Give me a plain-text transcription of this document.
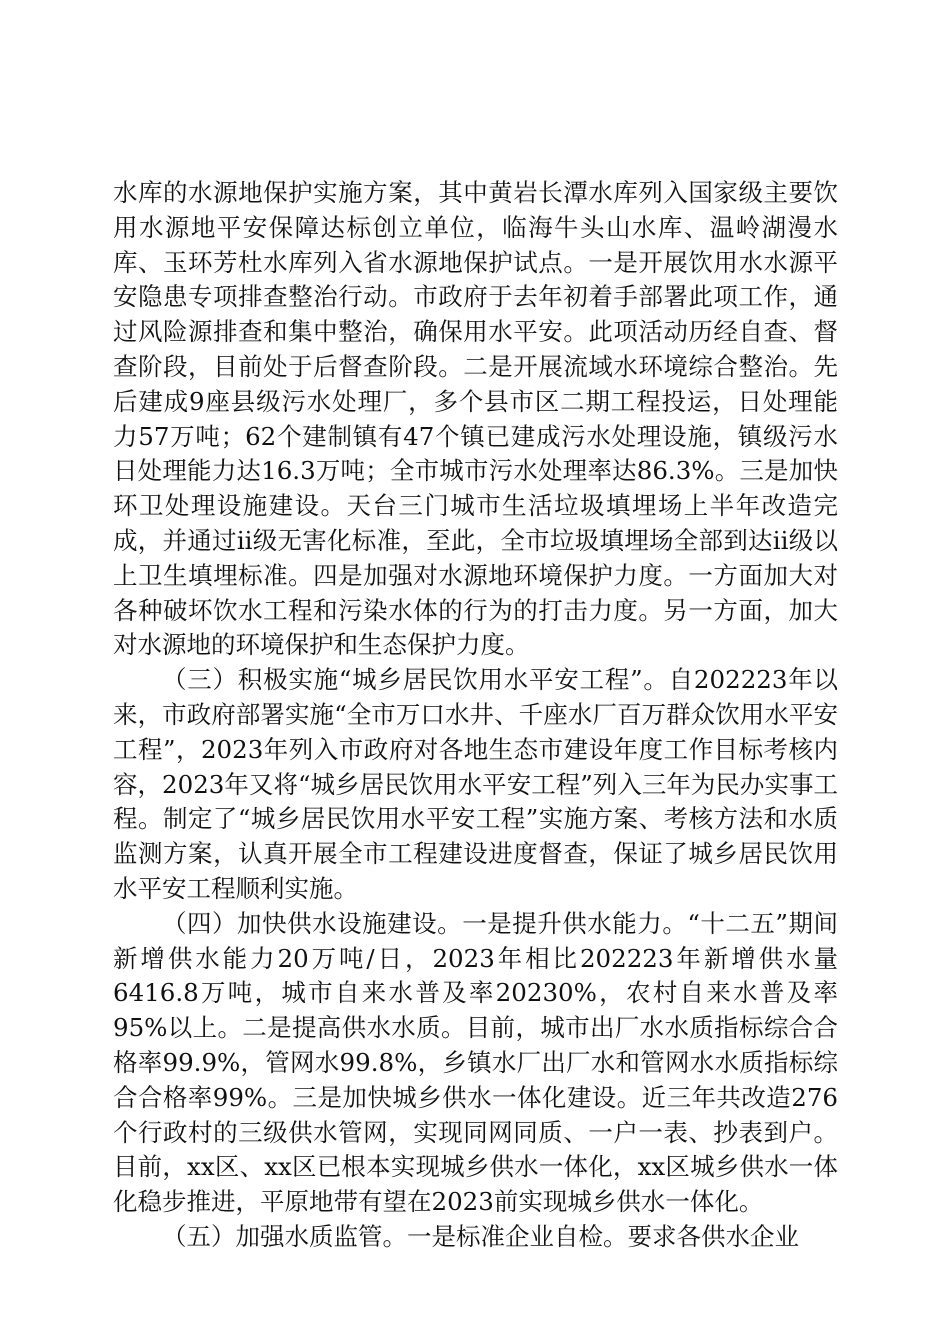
水库的水源地保护实施方案，其中黄岩长潭水库列入国家级主要饮用水源地平安保障达标创立单位，临海牛头山水库、温岭湖漫水库、玉环芳杜水库列入省水源地保护试点。一是开展饮用水水源平安隐患专项排查整治行动。市政府于去年初着手部署此项工作，通过风险源排查和集中整治，确保用水平安。此项活动历经自查、督查阶段，目前处于后督查阶段。二是开展流域水环境综合整治。先后建成9座县级污水处理厂，多个县市区二期工程投运，日处理能力57万吨；62个建制镇有47个镇已建成污水处理设施，镇级污水日处理能力达16.3万吨；全市城市污水处理率达86.3%。三是加快环卫处理设施建设。天台三门城市生活垃圾填埋场上半年改造完成，并通过ii级无害化标准，至此，全市垃圾填埋场全部到达ii级以上卫生填埋标准。四是加强对水源地环境保护力度。一方面加大对各种破坏饮水工程和污染水体的行为的打击力度。另一方面，加大对水源地的环境保护和生态保护力度。

（三）积极实施“城乡居民饮用水平安工程”。自202223年以来，市政府部署实施“全市万口水井、千座水厂百万群众饮用水平安工程”，2023年列入市政府对各地生态市建设年度工作目标考核内容，2023年又将“城乡居民饮用水平安工程”列入三年为民办实事工程。制定了“城乡居民饮用水平安工程”实施方案、考核方法和水质监测方案，认真开展全市工程建设进度督查，保证了城乡居民饮用水平安工程顺利实施。

（四）加快供水设施建设。一是提升供水能力。“十二五”期间新增供水能力20万吨/日，2023年相比202223年新增供水量6416.8万吨，城市自来水普及率20230%，农村自来水普及率95%以上。二是提高供水水质。目前，城市出厂水水质指标综合合格率99.9%，管网水99.8%，乡镇水厂出厂水和管网水水质指标综合合格率99%。三是加快城乡供水一体化建设。近三年共改造276个行政村的三级供水管网，实现同网同质、一户一表、抄表到户。目前，xx区、xx区已根本实现城乡供水一体化，xx区城乡供水一体化稳步推进，平原地带有望在2023前实现城乡供水一体化。

（五）加强水质监管。一是标准企业自检。要求各供水企业
